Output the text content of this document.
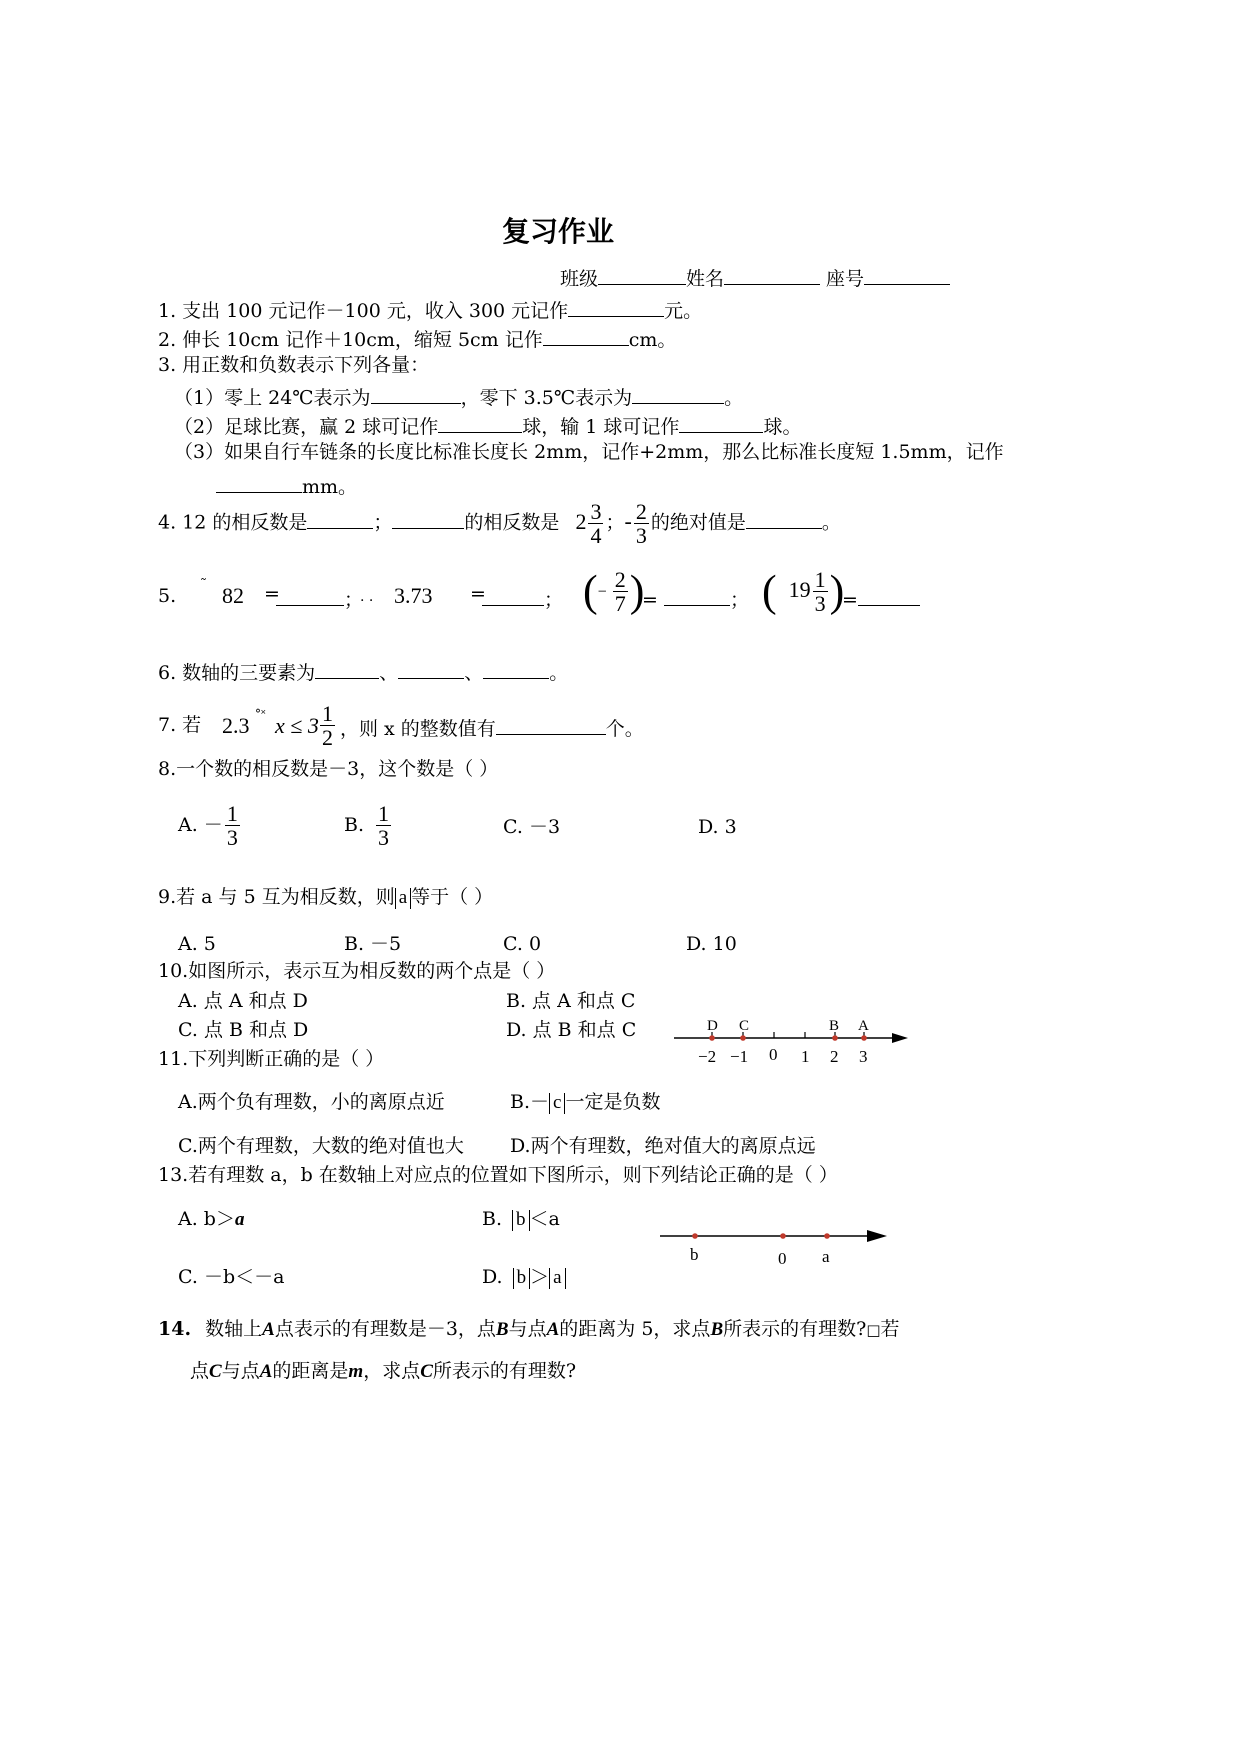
复习作业
班级	姓名	座号
1. 支出 100 元记作－100 元，收入 300 元记作	元。
2. 伸长 10cm 记作＋10cm，缩短 5cm 记作	cm。
3. 用正数和负数表示下列各量：
（1）零上 24℃表示为	，零下 3.5℃表示为	。
（2）足球比赛，赢 2 球可记作	球，输 1 球可记作	球。
（3）如果自行车链条的长度比标准长度长 2mm，记作+2mm，那么比标准长度短 1.5mm，记作
mm。
4. 12 的相反数是	；	的相反数是 $2 \frac{3}{4}$ ；- $\frac{2}{3}$ 的绝对值是	。
5. ˜ 82 =	；
. . 3.73 =	； (− $\frac{2}{7}$ )
=	； ( $19 \frac{1}{3}$ )
=
6. 数轴的三要素为	、	、	。
7. 若 2.3 °˟ $x \le 3 \frac{1}{2}$ ，则 x 的整数值有	个。
8.一个数的相反数是－3，这个数是（ ）
A. － $\frac{1}{3}$	B. $\frac{1}{3}$	C. －3	D. 3
9.若 a 与 5 互为相反数，则 a 等于（ ）
A. 5	B. －5	C. 0	D. 10
10.如图所示，表示互为相反数的两个点是（ ）
A. 点 A 和点 D	B. 点 A 和点 C
C. 点 B 和点 D	D. 点 B 和点 C	D C	B A
−2 −1 0 1 2 3
11.下列判断正确的是（ ）
A.两个负有理数，小的离原点近	B.－ c 一定是负数
C.两个有理数，大数的绝对值也大 D.两个有理数，绝对值大的离原点远
13.若有理数 a，b 在数轴上对应点的位置如下图所示，则下列结论正确的是（ ）
A. b＞a	B. b ＜a
C. －b＜－a	D. b ＞ a
b	0 a
14. 数轴上A点表示的有理数是－3，点B与点A的距离为 5，求点B所表示的有理数?□若
点C与点A的距离是m，求点C所表示的有理数?
